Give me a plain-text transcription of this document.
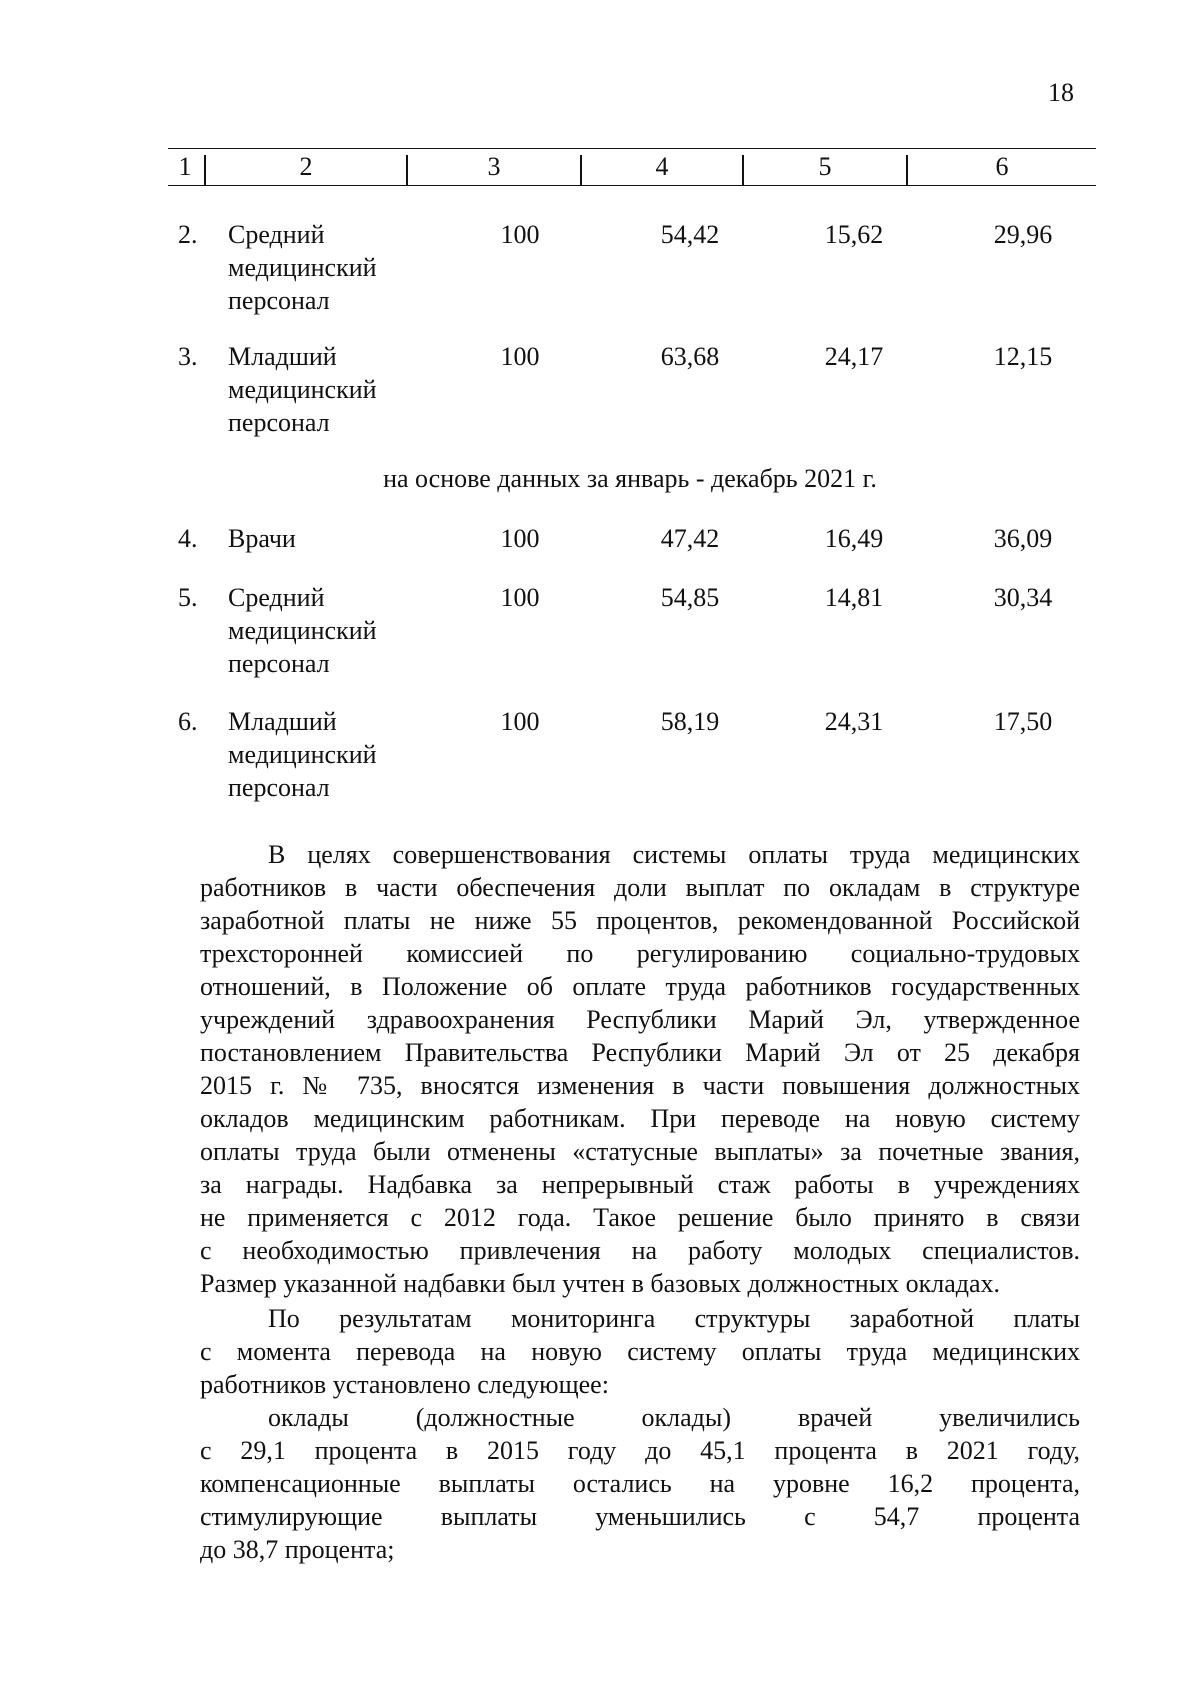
18
1	2	3	4	5	6
2. Средний
медицинский
персонал
100	54,42	15,62	29,96
3. Младший
медицинский
персонал
100	63,68	24,17	12,15
на основе данных за январь - декабрь 2021 г.
4. Врачи	100	47,42	16,49	36,09
5. Средний
медицинский
персонал
100	54,85	14,81	30,34
6. Младший
медицинский
персонал
100	58,19	24,31	17,50
В целях совершенствования системы оплаты труда медицинских
работников в части обеспечения доли выплат по окладам в структуре
заработной платы не ниже 55 процентов, рекомендованной Российской
трехсторонней комиссией по регулированию социально-трудовых
отношений, в Положение об оплате труда работников государственных
учреждений здравоохранения Республики Марий Эл, утвержденное
постановлением Правительства Республики Марий Эл от 25 декабря
2015 г. № 735, вносятся изменения в части повышения должностных
окладов медицинским работникам. При переводе на новую систему
оплаты труда были отменены «статусные выплаты» за почетные звания,
за награды. Надбавка за непрерывный стаж работы в учреждениях
не применяется с 2012 года. Такое решение было принято в связи
с необходимостью привлечения на работу молодых специалистов.
Размер указанной надбавки был учтен в базовых должностных окладах.
По результатам мониторинга структуры заработной платы
с момента перевода на новую систему оплаты труда медицинских
работников установлено следующее:
оклады (должностные оклады) врачей увеличились
с 29,1 процента в 2015 году до 45,1 процента в 2021 году,
компенсационные выплаты остались на уровне 16,2 процента,
стимулирующие выплаты уменьшились с 54,7 процента
до 38,7 процента;
